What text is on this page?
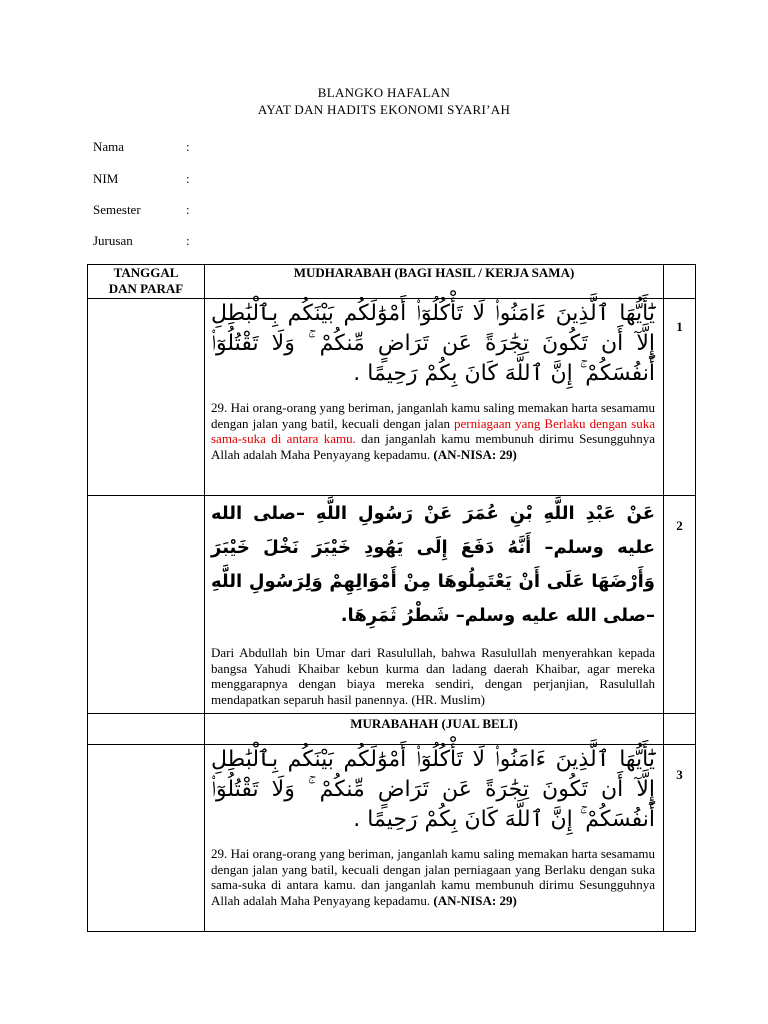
BLANGKO HAFALAN
AYAT DAN HADITS EKONOMI SYARI’AH
Nama	:
NIM	:
Semester	:
Jurusan	:
TANGGAL
DAN PARAF	MUDHARABAH (BAGI HASIL / KERJA SAMA)	

	يَٰٓأَيُّهَا ٱلَّذِينَ ءَامَنُوا۟ لَا تَأْكُلُوٓا۟ أَمْوَٰلَكُم بَيْنَكُم بِٱلْبَٰطِلِ إِلَّآ أَن تَكُونَ تِجَٰرَةً عَن تَرَاضٍ مِّنكُمْ ۚ وَلَا تَقْتُلُوٓا۟ أَنفُسَكُمْ ۚ إِنَّ ٱللَّهَ كَانَ بِكُمْ رَحِيمًا ‎.
29. Hai orang-orang yang beriman, janganlah kamu saling memakan harta sesamamu dengan jalan yang batil, kecuali dengan jalan perniagaan yang Berlaku dengan suka sama-suka di antara kamu. dan janganlah kamu membunuh dirimu Sesungguhnya Allah adalah Maha Penyayang kepadamu. (AN-NISA: 29)	1

	عَنْ عَبْدِ اللَّهِ بْنِ عُمَرَ عَنْ رَسُولِ اللَّهِ –صلى الله عليه وسلم– أَنَّهُ دَفَعَ إِلَى يَهُودِ خَيْبَرَ نَخْلَ خَيْبَرَ وَأَرْضَهَا عَلَى أَنْ يَعْتَمِلُوهَا مِنْ أَمْوَالِهِمْ وَلِرَسُولِ اللَّهِ –صلى الله عليه وسلم– شَطْرُ ثَمَرِهَا.
Dari Abdullah bin Umar dari Rasulullah, bahwa Rasulullah menyerahkan kepada bangsa Yahudi Khaibar kebun kurma dan ladang daerah Khaibar, agar mereka menggarapnya dengan biaya mereka sendiri, dengan perjanjian, Rasulullah mendapatkan separuh hasil panennya. (HR. Muslim)	2
	MURABAHAH (JUAL BELI)	

	يَٰٓأَيُّهَا ٱلَّذِينَ ءَامَنُوا۟ لَا تَأْكُلُوٓا۟ أَمْوَٰلَكُم بَيْنَكُم بِٱلْبَٰطِلِ إِلَّآ أَن تَكُونَ تِجَٰرَةً عَن تَرَاضٍ مِّنكُمْ ۚ وَلَا تَقْتُلُوٓا۟ أَنفُسَكُمْ ۚ إِنَّ ٱللَّهَ كَانَ بِكُمْ رَحِيمًا ‎.
29. Hai orang-orang yang beriman, janganlah kamu saling memakan harta sesamamu dengan jalan yang batil, kecuali dengan jalan perniagaan yang Berlaku dengan suka sama-suka di antara kamu. dan janganlah kamu membunuh dirimu Sesungguhnya Allah adalah Maha Penyayang kepadamu. (AN-NISA: 29)	3
